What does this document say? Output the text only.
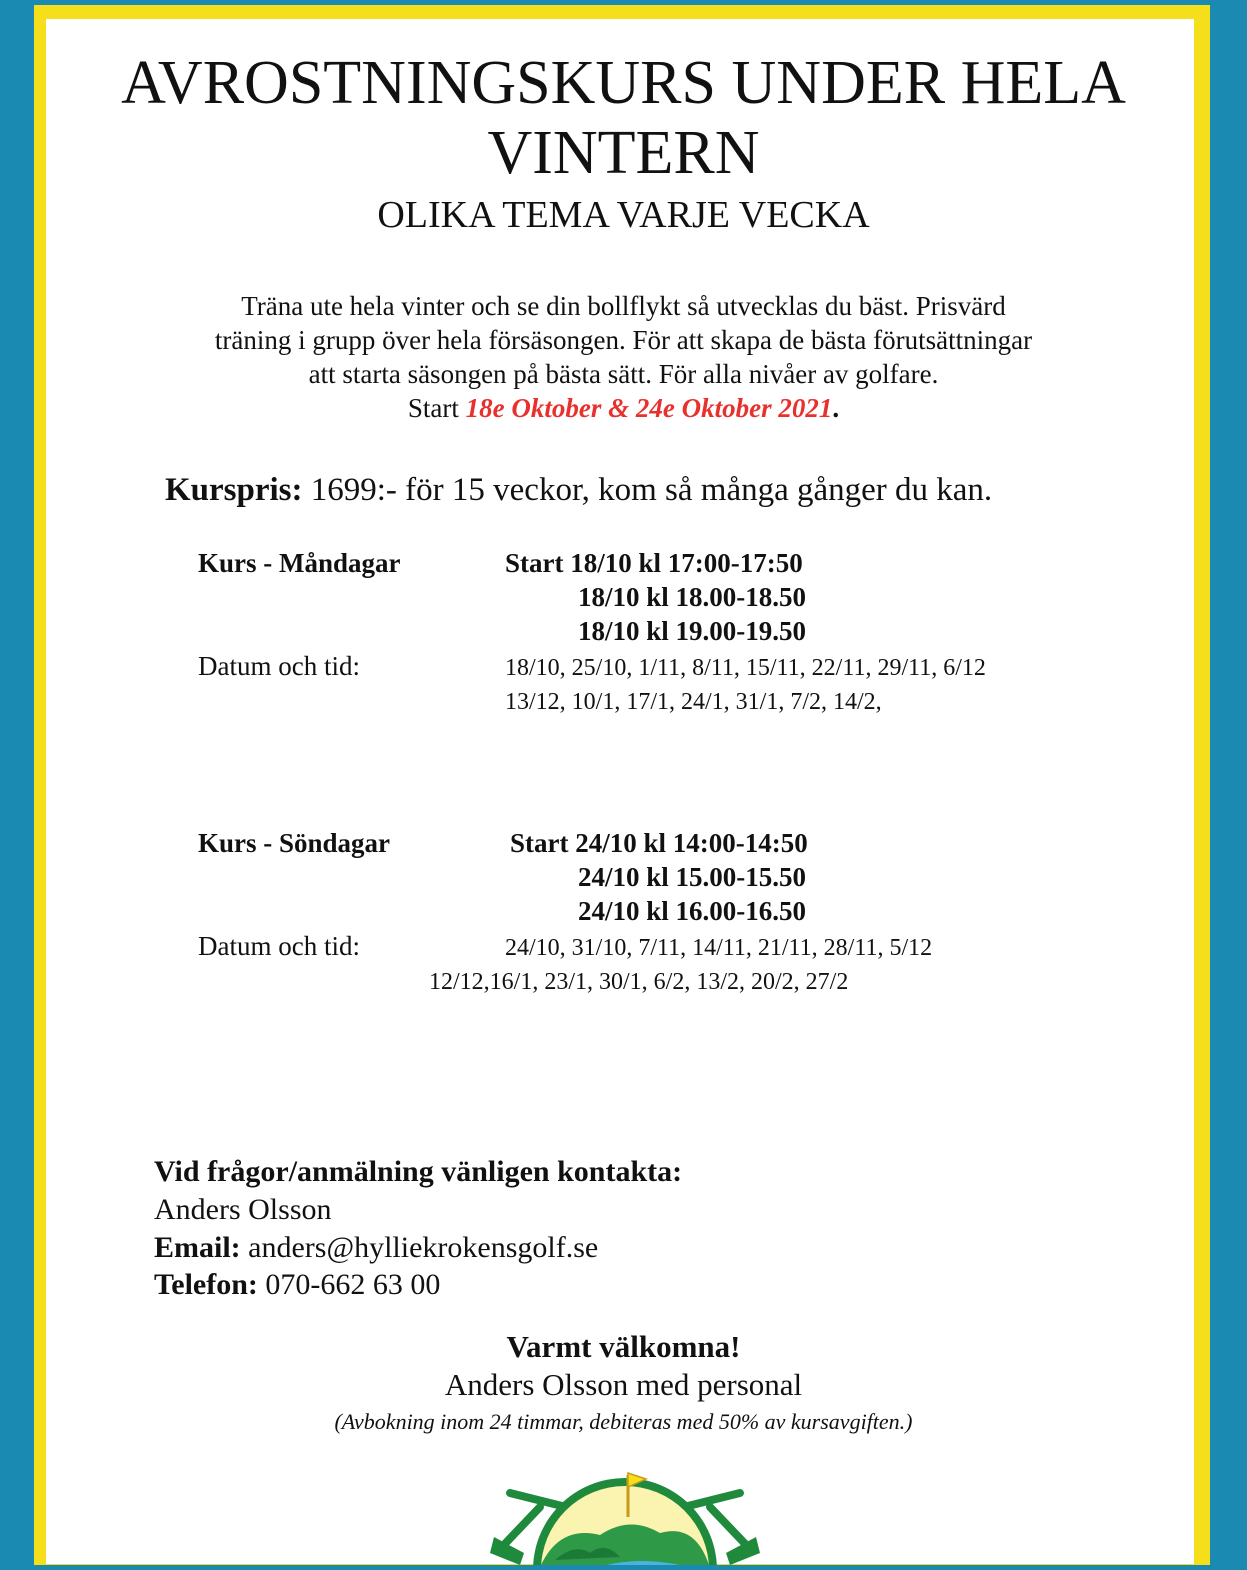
AVROSTNINGSKURS UNDER HELA
VINTERN
OLIKA TEMA VARJE VECKA
Träna ute hela vinter och se din bollflykt så utvecklas du bäst. Prisvärd
träning i grupp över hela försäsongen. För att skapa de bästa förutsättningar
att starta säsongen på bästa sätt. För alla nivåer av golfare.
Start 18e Oktober & 24e Oktober 2021.
Kurspris: 1699:- för 15 veckor, kom så många gånger du kan.
Kurs - Måndagar	Start 18/10 kl 17:00-17:50
18/10 kl 18.00-18.50
18/10 kl 19.00-19.50
Datum och tid:	18/10, 25/10, 1/11, 8/11, 15/11, 22/11, 29/11, 6/12
13/12, 10/1, 17/1, 24/1, 31/1, 7/2, 14/2,
Kurs - Söndagar	Start 24/10 kl 14:00-14:50
24/10 kl 15.00-15.50
24/10 kl 16.00-16.50
Datum och tid:	24/10, 31/10, 7/11, 14/11, 21/11, 28/11, 5/12
12/12,16/1, 23/1, 30/1, 6/2, 13/2, 20/2, 27/2
Vid frågor/anmälning vänligen kontakta:
Anders Olsson
Email: anders@hylliekrokensgolf.se
Telefon: 070-662 63 00
Varmt välkomna!
Anders Olsson med personal
(Avbokning inom 24 timmar, debiteras med 50% av kursavgiften.)
